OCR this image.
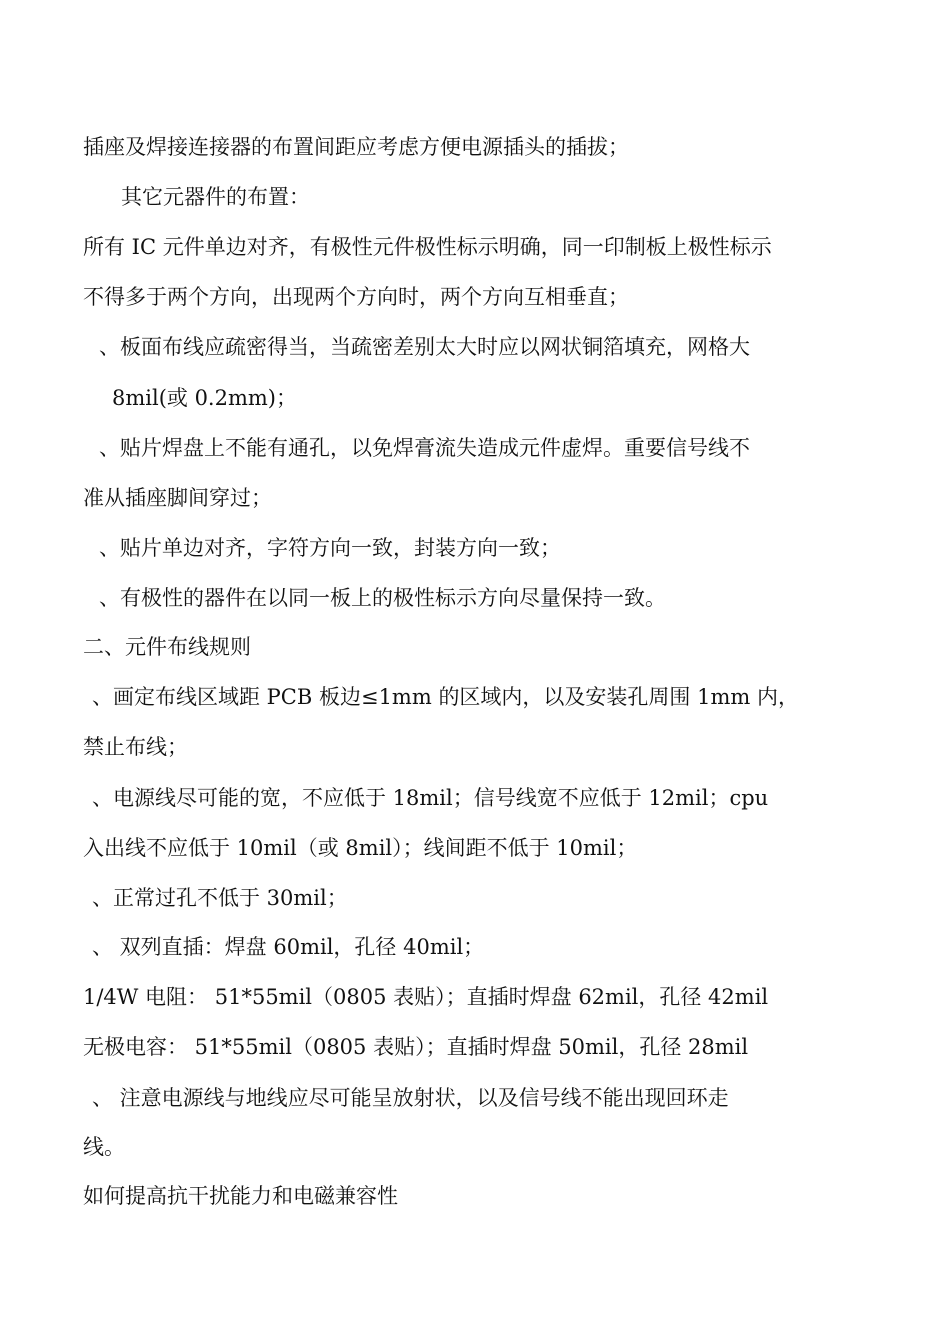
插座及焊接连接器的布置间距应考虑方便电源插头的插拔；
其它元器件的布置：
所有 IC 元件单边对齐，有极性元件极性标示明确，同一印制板上极性标示
不得多于两个方向，出现两个方向时，两个方向互相垂直；
、板面布线应疏密得当，当疏密差别太大时应以网状铜箔填充，网格大
8mil(或 0.2mm)；
、贴片焊盘上不能有通孔，以免焊膏流失造成元件虚焊。重要信号线不
准从插座脚间穿过；
、贴片单边对齐，字符方向一致，封装方向一致；
、有极性的器件在以同一板上的极性标示方向尽量保持一致。
二、元件布线规则
、画定布线区域距 PCB 板边≤1mm 的区域内，以及安装孔周围 1mm 内，
禁止布线；
、电源线尽可能的宽，不应低于 18mil；信号线宽不应低于 12mil；cpu
入出线不应低于 10mil（或 8mil）；线间距不低于 10mil；
、正常过孔不低于 30mil；
、 双列直插：焊盘 60mil，孔径 40mil；
1/4W 电阻： 51*55mil（0805 表贴）；直插时焊盘 62mil，孔径 42mil
无极电容： 51*55mil（0805 表贴）；直插时焊盘 50mil，孔径 28mil
、 注意电源线与地线应尽可能呈放射状，以及信号线不能出现回环走
线。
如何提高抗干扰能力和电磁兼容性
